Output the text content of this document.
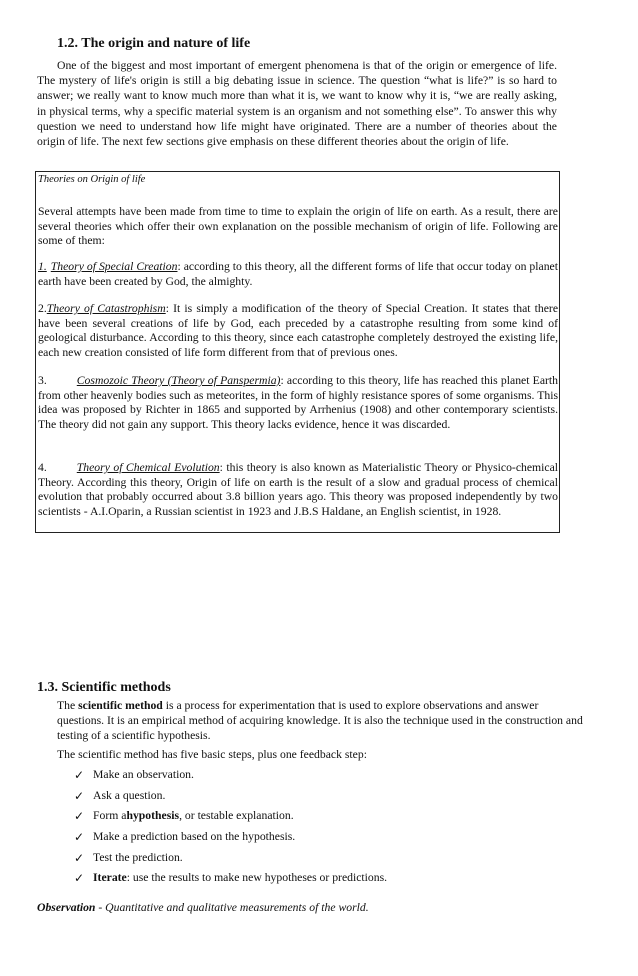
1.2. The origin and nature of life

One of the biggest and most important of emergent phenomena is that of the origin or emergence of life. The mystery of life's origin is still a big debating issue in science. The question “what is life?” is so hard to answer; we really want to know much more than what it is, we want to know why it is, “we are really asking, in physical terms, why a specific material system is an organism and not something else”. To answer this why question we need to understand how life might have originated. There are a number of theories about the origin of life. The next few sections give emphasis on these different theories about the origin of life.

Theories on Origin of life

Several attempts have been made from time to time to explain the origin of life on earth. As a result, there are several theories which offer their own explanation on the possible mechanism of origin of life. Following are some of them:

1. Theory of Special Creation: according to this theory, all the different forms of life that occur today on planet earth have been created by God, the almighty.

2.Theory of Catastrophism: It is simply a modification of the theory of Special Creation. It states that there have been several creations of life by God, each preceded by a catastrophe resulting from some kind of geological disturbance. According to this theory, since each catastrophe completely destroyed the existing life, each new creation consisted of life form different from that of previous ones.

3.	Cosmozoic Theory (Theory of Panspermia): according to this theory, life has reached this planet Earth from other heavenly bodies such as meteorites, in the form of highly resistance spores of some organisms. This idea was proposed by Richter in 1865 and supported by Arrhenius (1908) and other contemporary scientists. The theory did not gain any support. This theory lacks evidence, hence it was discarded.

4.	Theory of Chemical Evolution: this theory is also known as Materialistic Theory or Physico-chemical Theory. According this theory, Origin of life on earth is the result of a slow and gradual process of chemical evolution that probably occurred about 3.8 billion years ago. This theory was proposed independently by two scientists - A.I.Oparin, a Russian scientist in 1923 and J.B.S Haldane, an English scientist, in 1928.

1.3. Scientific methods

The scientific method is a process for experimentation that is used to explore observations and answer questions. It is an empirical method of acquiring knowledge. It is also the technique used in the construction and testing of a scientific hypothesis.

The scientific method has five basic steps, plus one feedback step:

✓ Make an observation.
✓ Ask a question.
✓ Form a hypothesis , or testable explanation.
✓ Make a prediction based on the hypothesis.
✓ Test the prediction.
✓ Iterate : use the results to make new hypotheses or predictions.
Observation - Quantitative and qualitative measurements of the world.
